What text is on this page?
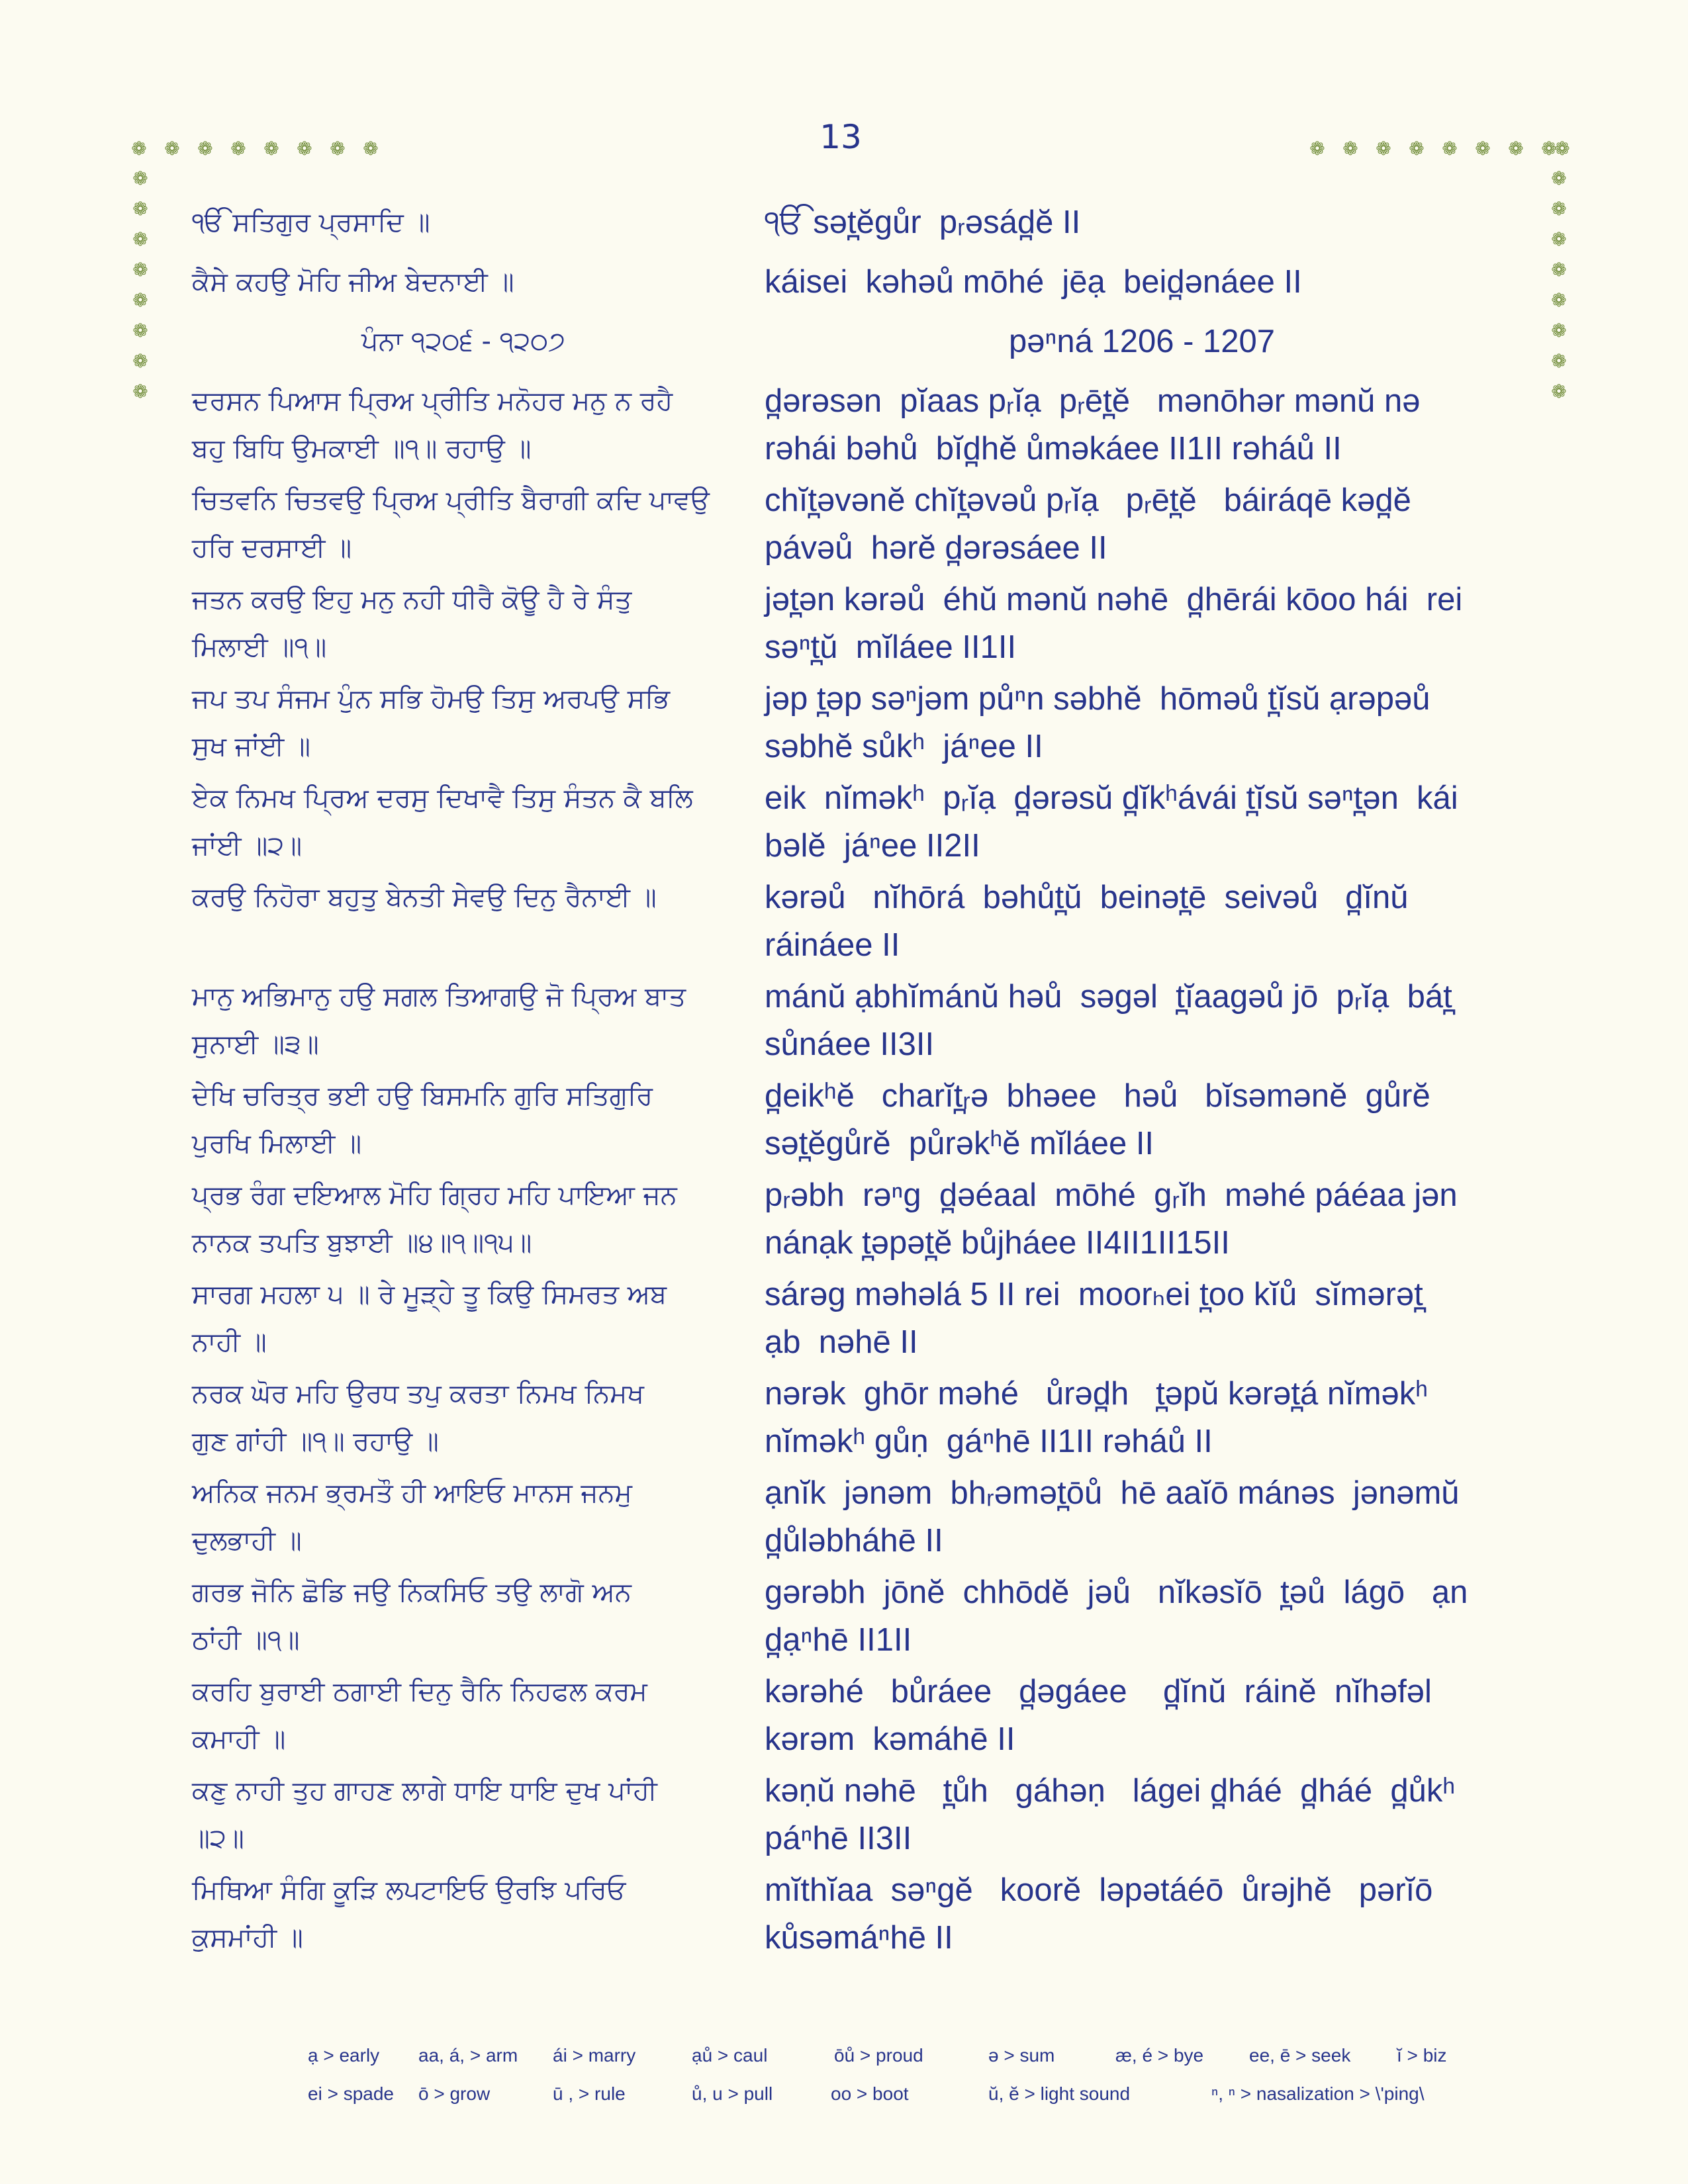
13
❁ ❁ ❁ ❁ ❁ ❁ ❁ ❁	❁ ❁ ❁ ❁ ❁ ❁ ❁ ❁
❁
❁
❁
❁
❁
❁
❁
❁
❁
❁
❁
❁
❁
❁
❁
❁
❁
ੴ ਸਤਿਗੁਰ ਪ੍ਰਸਾਦਿ ॥	ੴ sət̪ĕgůr  pᵣəsád̪ĕ II
ਕੈਸੇ ਕਹਉ ਮੋਹਿ ਜੀਅ ਬੇਦਨਾਈ ॥	káisei  kəhəů mōhé  jēạ  beid̪ənáee II
ਪੰਨਾ ੧੨੦੬ - ੧੨੦੭	pəⁿná 1206 - 1207
ਦਰਸਨ ਪਿਆਸ ਪ੍ਰਿਅ ਪ੍ਰੀਤਿ ਮਨੋਹਰ ਮਨੁ ਨ ਰਹੈ
ਬਹੁ ਬਿਧਿ ਉਮਕਾਈ ॥੧॥ ਰਹਾਉ ॥
d̪ərəsən  pĭaas pᵣĭạ  pᵣēt̪ĕ   mənōhər mənŭ nə
rəhái bəhů  bĭd̪hĕ ůməkáee II1II rəháů II
ਚਿਤਵਨਿ ਚਿਤਵਉ ਪ੍ਰਿਅ ਪ੍ਰੀਤਿ ਬੈਰਾਗੀ ਕਦਿ ਪਾਵਉ
ਹਰਿ ਦਰਸਾਈ ॥
chĭt̪əvənĕ chĭt̪əvəů pᵣĭạ   pᵣēt̪ĕ   báiráqē kəd̪ĕ
pávəů  hərĕ d̪ərəsáee II
ਜਤਨ ਕਰਉ ਇਹੁ ਮਨੁ ਨਹੀ ਧੀਰੈ ਕੋਊ ਹੈ ਰੇ ਸੰਤੁ
ਮਿਲਾਈ ॥੧॥
jət̪ən kərəů  éhŭ mənŭ nəhē  d̪hērái kōoo hái  rei
səⁿt̪ŭ  mĭláee II1II
ਜਪ ਤਪ ਸੰਜਮ ਪੁੰਨ ਸਭਿ ਹੋਮਉ ਤਿਸੁ ਅਰਪਉ ਸਭਿ
ਸੁਖ ਜਾਂਈ ॥
jəp t̪əp səⁿjəm půⁿn səbhĕ  hōməů t̪ĭsŭ ạrəpəů
səbhĕ sůkʰ  jáⁿee II
ਏਕ ਨਿਮਖ ਪ੍ਰਿਅ ਦਰਸੁ ਦਿਖਾਵੈ ਤਿਸੁ ਸੰਤਨ ਕੈ ਬਲਿ
ਜਾਂਈ ॥੨॥
eik  nĭməkʰ  pᵣĭạ  d̪ərəsŭ d̪ĭkʰávái t̪ĭsŭ səⁿt̪ən  kái
bəlĕ  jáⁿee II2II
ਕਰਉ ਨਿਹੋਰਾ ਬਹੁਤੁ ਬੇਨਤੀ ਸੇਵਉ ਦਿਨੁ ਰੈਨਾਈ ॥	kərəů   nĭhōrá  bəhůt̪ŭ  beinət̪ē  seivəů   d̪ĭnŭ
ráináee II
ਮਾਨੁ ਅਭਿਮਾਨੁ ਹਉ ਸਗਲ ਤਿਆਗਉ ਜੋ ਪ੍ਰਿਅ ਬਾਤ
ਸੁਨਾਈ ॥੩॥
mánŭ ạbhĭmánŭ həů  səgəl  t̪ĭaagəů jō  pᵣĭạ  bát̪
sůnáee II3II
ਦੇਖਿ ਚਰਿਤ੍ਰ ਭਈ ਹਉ ਬਿਸਮਨਿ ਗੁਰਿ ਸਤਿਗੁਰਿ
ਪੁਰਖਿ ਮਿਲਾਈ ॥
d̪eikʰĕ   charĭt̪ᵣə  bhəee   həů   bĭsəmənĕ  gůrĕ
sət̪ĕgůrĕ  půrəkʰĕ mĭláee II
ਪ੍ਰਭ ਰੰਗ ਦਇਆਲ ਮੋਹਿ ਗ੍ਰਿਹ ਮਹਿ ਪਾਇਆ ਜਨ
ਨਾਨਕ ਤਪਤਿ ਬੁਝਾਈ ॥੪॥੧॥੧੫॥
pᵣəbh  rəⁿg  d̪əéaal  mōhé  gᵣĭh  məhé páéaa jən
nánạk t̪əpət̪ĕ bůjháee II4II1II15II
ਸਾਰਗ ਮਹਲਾ ੫ ॥ ਰੇ ਮੂੜ੍ਹੇ ਤੂ ਕਿਉ ਸਿਮਰਤ ਅਬ
ਨਾਹੀ ॥
sárəg məhəlá 5 II rei  moorₕei t̪oo kĭů  sĭmərət̪
ạb  nəhē II
ਨਰਕ ਘੋਰ ਮਹਿ ਉਰਧ ਤਪੁ ਕਰਤਾ ਨਿਮਖ ਨਿਮਖ
ਗੁਣ ਗਾਂਹੀ ॥੧॥ ਰਹਾਉ ॥
nərək  ghōr məhé   ůrəd̪h   t̪əpŭ kərət̪á nĭməkʰ
nĭməkʰ gůṇ  gáⁿhē II1II rəháů II
ਅਨਿਕ ਜਨਮ ਭ੍ਰਮਤੌ ਹੀ ਆਇਓ ਮਾਨਸ ਜਨਮੁ
ਦੁਲਭਾਹੀ ॥
ạnĭk  jənəm  bhᵣəmət̪ōů  hē aaĭō mánəs  jənəmŭ
d̪ůləbháhē II
ਗਰਭ ਜੋਨਿ ਛੋਡਿ ਜਉ ਨਿਕਸਿਓ ਤਉ ਲਾਗੋ ਅਨ
ਠਾਂਹੀ ॥੧॥
gərəbh  jōnĕ  chhōdĕ  jəů   nĭkəsĭō  t̪əů  lágō   ạn
d̪ạⁿhē II1II
ਕਰਹਿ ਬੁਰਾਈ ਠਗਾਈ ਦਿਨੁ ਰੈਨਿ ਨਿਹਫਲ ਕਰਮ
ਕਮਾਹੀ ॥
kərəhé   bůráee   d̪əgáee    d̪ĭnŭ  ráinĕ  nĭhəfəl
kərəm  kəmáhē II
ਕਣੁ ਨਾਹੀ ਤੁਹ ਗਾਹਣ ਲਾਗੇ ਧਾਇ ਧਾਇ ਦੁਖ ਪਾਂਹੀ
॥੨॥
kəṇŭ nəhē   t̪ůh   gáhəṇ   lágei d̪háé  d̪háé  d̪ůkʰ
páⁿhē II3II
ਮਿਥਿਆ ਸੰਗਿ ਕੂੜਿ ਲਪਟਾਇਓ ਉਰਝਿ ਪਰਿਓ
ਕੁਸਮਾਂਹੀ ॥
mĭthĭaa  səⁿgĕ   koorĕ  ləpətáéō  ůrəjhĕ   pərĭō
kůsəmáⁿhē II
ạ > early aa, á, > arm ái > marry	ạů > caul	ōů > proud	ə > sum	æ, é > bye ee, ē > seek ĭ > biz
ei > spade ō > grow	ū , > rule	ů, u > pull	oo > boot	ŭ, ĕ > light sound	ⁿ, ⁿ > nasalization > \'ping\
